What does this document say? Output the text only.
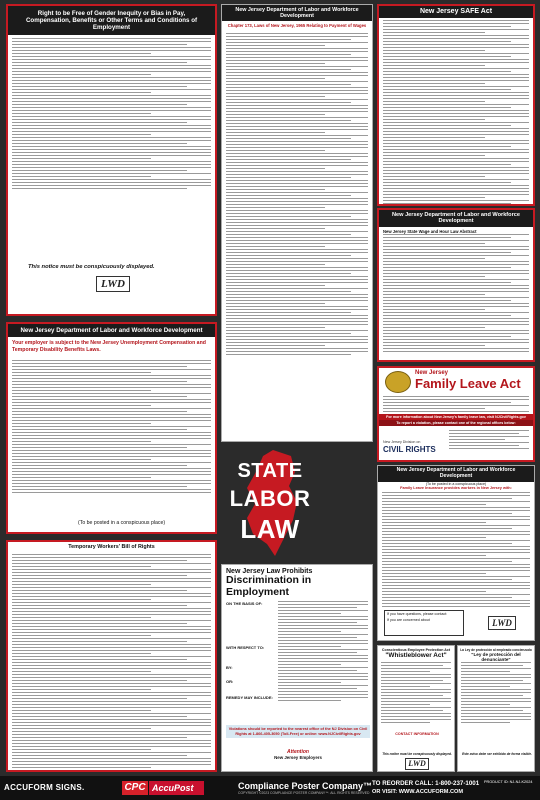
Right to be Free of Gender Inequity or Bias in Pay, Compensation, Benefits or Other Terms and Conditions of Employment
This notice must be conspicuously displayed.
LWD
New Jersey Department of Labor and Workforce Development
Chapter 173, Laws of New Jersey, 1965 Relating to Payment of Wages
New Jersey SAFE Act
New Jersey Department of Labor and Workforce Development
New Jersey State Wage and Hour Law Abstract
New Jersey Department of Labor and Workforce Development
Your employer is subject to the New Jersey Unemployment Compensation and Temporary Disability Benefits Laws.
(To be posted in a conspicuous place)
New Jersey
Family Leave Act
For more information about New Jersey's family leave law, visit NJCivilRights.gov
To report a violation, please contact one of the regional offices below:
New Jersey Division on
CIVIL RIGHTS
New Jersey Department of Labor and Workforce Development
(To be posted in a conspicuous place)
Family Leave Insurance provides workers in New Jersey with:
If you have questions, please contact:
If you are concerned about	LWD
STATE
LABOR
LAW
New Jersey Law Prohibits
Discrimination in Employment
ON THE BASIS OF:
WITH RESPECT TO:
BY:
OR:
REMEDY MAY INCLUDE:
Violations should be reported to the nearest office of the NJ Division on Civil Rights at 1-866-405-3050 (Toll-Free) or online: www.NJCivilRights.gov
Attention
New Jersey Employers
Temporary Workers' Bill of Rights
Conscientious Employee Protection Act
"Whistleblower Act"
CONTACT INFORMATION
This notice must be conspicuously displayed.
LWD
La Ley de protección al empleado concienzudo
"Ley de protección del denunciante"
Este aviso debe ser exhibido de forma visible.
ACCUFORM SIGNS.	CPC AccuPost	Compliance Poster Company™
COPYRIGHT ©2023 COMPLIANCE POSTER COMPANY™. ALL RIGHTS RESERVED
TO REORDER CALL: 1-800-237-1001
OR VISIT: WWW.ACCUFORM.COM
PRODUCT ID: NJ-NJ-K2024
